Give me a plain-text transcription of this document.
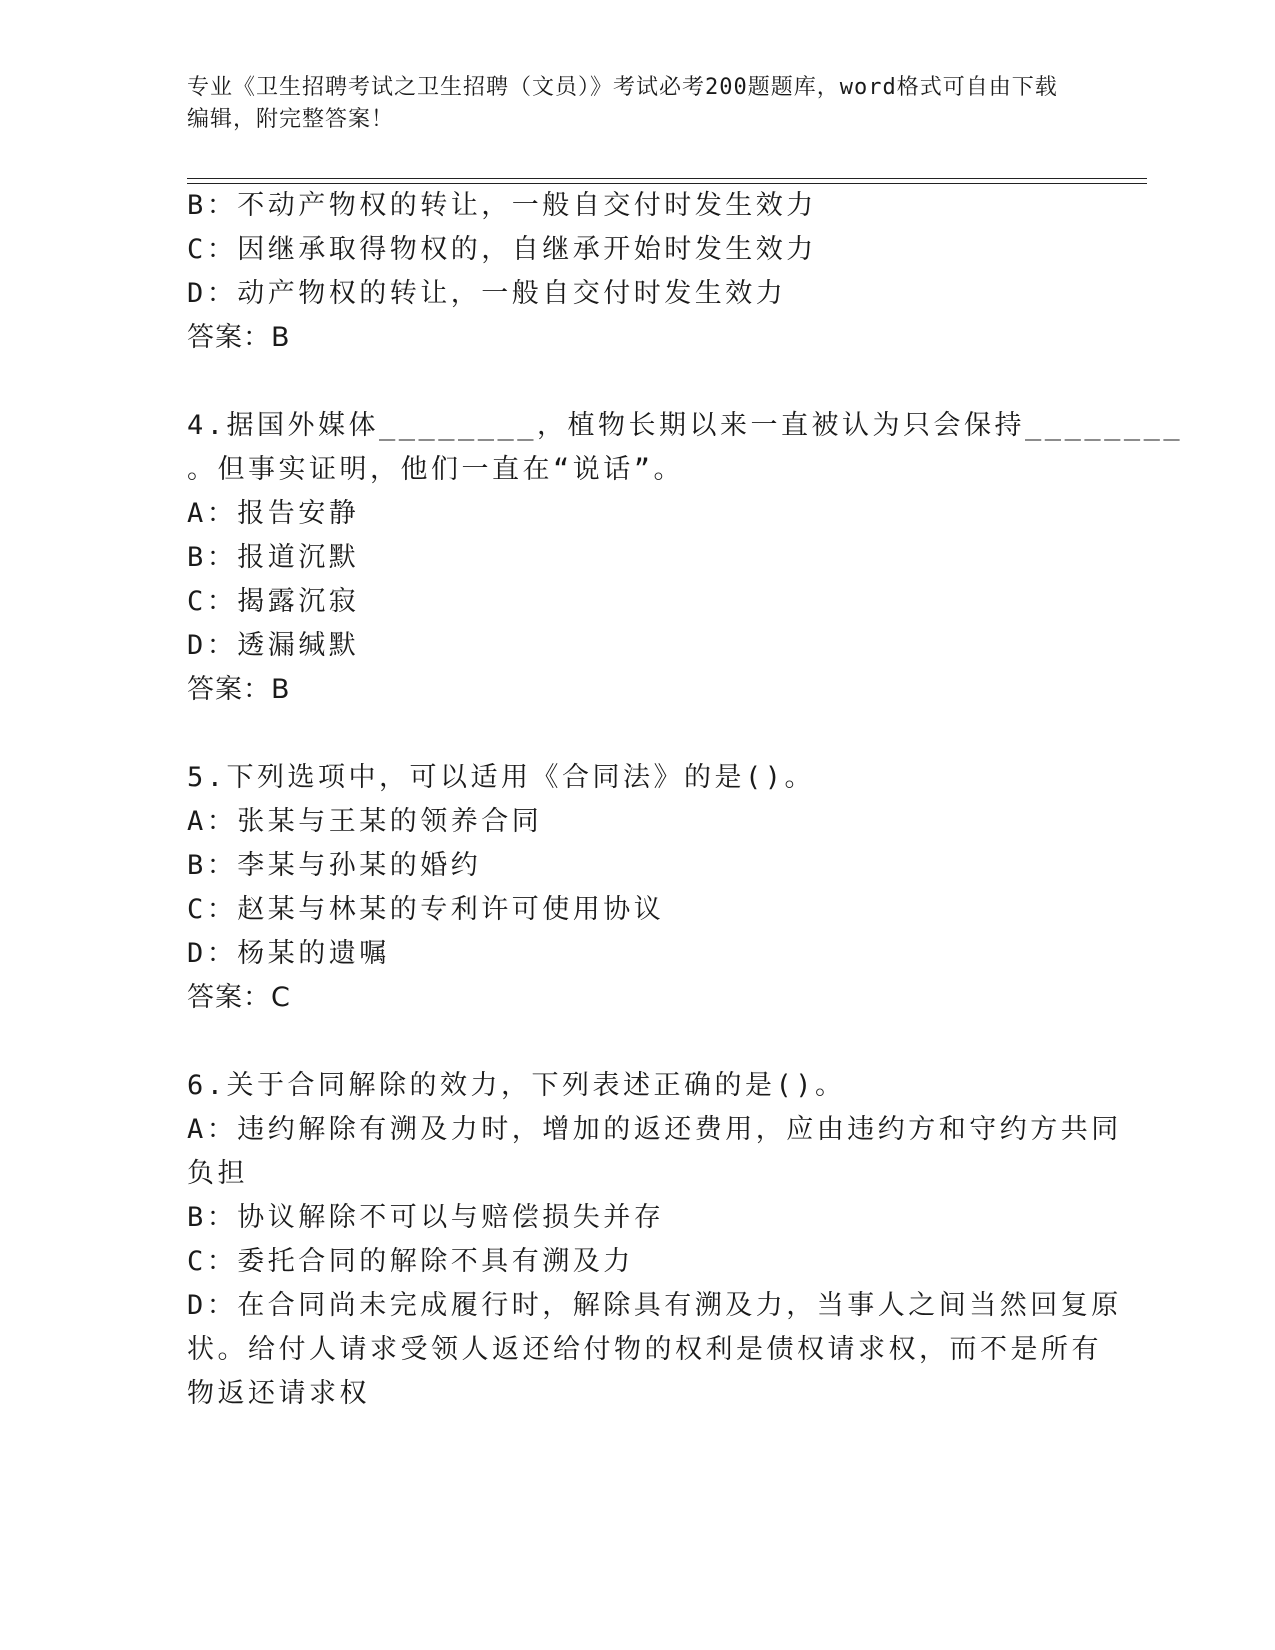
专业《卫生招聘考试之卫生招聘（文员）》考试必考200题题库，word格式可自由下载编辑，附完整答案！
B：不动产物权的转让，一般自交付时发生效力
C：因继承取得物权的，自继承开始时发生效力
D：动产物权的转让，一般自交付时发生效力
答案：B
4.据国外媒体________，植物长期以来一直被认为只会保持________
。但事实证明，他们一直在“说话”。
A：报告安静
B：报道沉默
C：揭露沉寂
D：透漏缄默
答案：B
5.下列选项中，可以适用《合同法》的是()。
A：张某与王某的领养合同
B：李某与孙某的婚约
C：赵某与林某的专利许可使用协议
D：杨某的遗嘱
答案：C
6.关于合同解除的效力，下列表述正确的是()。
A：违约解除有溯及力时，增加的返还费用，应由违约方和守约方共同
负担
B：协议解除不可以与赔偿损失并存
C：委托合同的解除不具有溯及力
D：在合同尚未完成履行时，解除具有溯及力，当事人之间当然回复原
状。给付人请求受领人返还给付物的权利是债权请求权，而不是所有
物返还请求权
